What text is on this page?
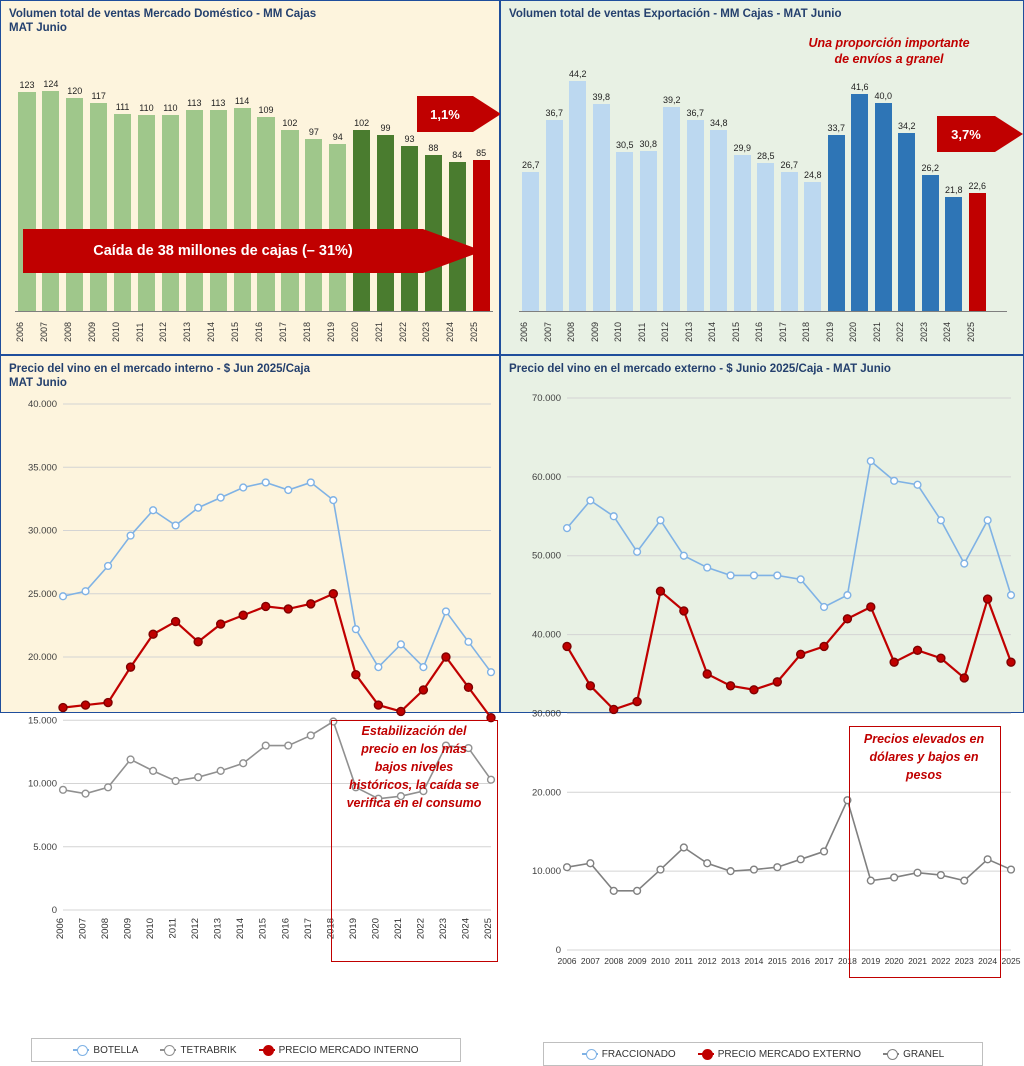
Volumen total de ventas Mercado Doméstico - MM Cajas
MAT Junio
123 124
120
117
111 110 110
113 113 114
109
102
97
94
102
99
93
88
84 85
2006	2007	2008	2009	2010	2011	2012	2013	2014	2015	2016	2017	2018	2019	2020	2021	2022	2023	2024	2025
Caída de 38 millones de cajas (– 31%)
1,1%
Volumen total de ventas Exportación - MM Cajas - MAT Junio
26,7
36,7
44,2
39,8
30,5 30,8
39,2
36,7
34,8
29,9
28,5
26,7
24,8
33,7
41,6
40,0
34,2
26,2
21,8 22,6
2006	2007	2008	2009	2010	2011	2012	2013	2014	2015	2016	2017	2018	2019	2020	2021	2022	2023	2024	2025
Una proporción importante
de envíos a granel
3,7%
Precio del vino en el mercado interno - $ Jun 2025/Caja
MAT Junio
0
5.000
10.000
15.000
20.000
25.000
30.000
35.000
40.000
2006 2007 2008 2009 2010 2011 2012 2013 2014 2015 2016 2017 2018 2019 2020 2021 2022 2023 2024 2025
Estabilización del
precio en los más
bajos niveles
históricos, la caída se
verifica en el consumo
BOTELLA	TETRABRIK	PRECIO MERCADO INTERNO
Precio del vino en el mercado externo - $ Junio 2025/Caja - MAT Junio
0
10.000
20.000
30.000
40.000
50.000
60.000
70.000
2006 2007 2008 2009 2010 2011 2012 2013 2014 2015 2016 2017 2018 2019 2020 2021 2022 2023 2024 2025
Precios elevados en
dólares y bajos en
pesos
FRACCIONADO	PRECIO MERCADO EXTERNO	GRANEL
